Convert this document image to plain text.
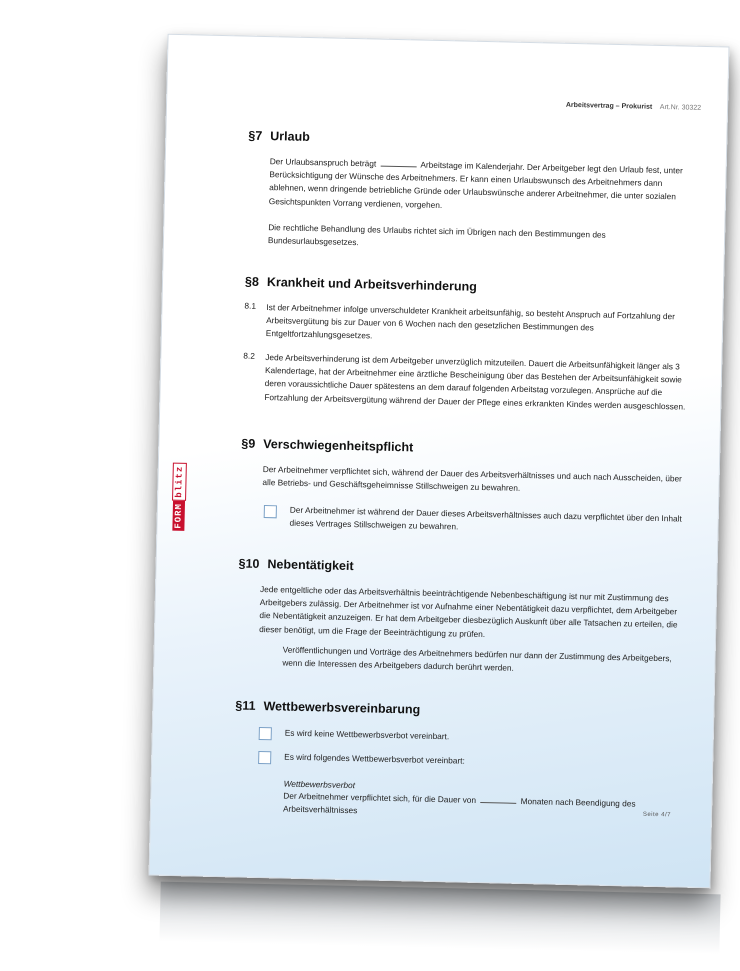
Arbeitsvertrag – Prokurist Art.Nr. 30322
FORMblitz
§7 Urlaub
Der Urlaubsanspruch beträgt	Arbeitstage im Kalenderjahr. Der Arbeitgeber legt den Urlaub fest, unter Berücksichtigung der Wünsche des Arbeitnehmers. Er kann einen Urlaubswunsch des Arbeitnehmers dann ablehnen, wenn dringende betriebliche Gründe oder Urlaubswünsche anderer Arbeitnehmer, die unter sozialen Gesichtspunkten Vorrang verdienen, vorgehen.
Die rechtliche Behandlung des Urlaubs richtet sich im Übrigen nach den Bestimmungen des Bundesurlaubsgesetzes.
§8 Krankheit und Arbeitsverhinderung
8.1 Ist der Arbeitnehmer infolge unverschuldeter Krankheit arbeitsunfähig, so besteht Anspruch auf Fortzahlung der Arbeitsvergütung bis zur Dauer von 6 Wochen nach den gesetzlichen Bestimmungen des Entgeltfortzahlungsgesetzes.
8.2 Jede Arbeitsverhinderung ist dem Arbeitgeber unverzüglich mitzuteilen. Dauert die Arbeitsunfähigkeit länger als 3 Kalendertage, hat der Arbeitnehmer eine ärztliche Bescheinigung über das Bestehen der Arbeitsunfähigkeit sowie deren voraussichtliche Dauer spätestens an dem darauf folgenden Arbeitstag vorzulegen. Ansprüche auf die Fortzahlung der Arbeitsvergütung während der Dauer der Pflege eines erkrankten Kindes werden ausgeschlossen.
§9 Verschwiegenheitspflicht
Der Arbeitnehmer verpflichtet sich, während der Dauer des Arbeitsverhältnisses und auch nach Ausscheiden, über alle Betriebs- und Geschäftsgeheimnisse Stillschweigen zu bewahren.
Der Arbeitnehmer ist während der Dauer dieses Arbeitsverhältnisses auch dazu verpflichtet über den Inhalt dieses Vertrages Stillschweigen zu bewahren.
§10 Nebentätigkeit
Jede entgeltliche oder das Arbeitsverhältnis beeinträchtigende Nebenbeschäftigung ist nur mit Zustimmung des Arbeitgebers zulässig. Der Arbeitnehmer ist vor Aufnahme einer Nebentätigkeit dazu verpflichtet, dem Arbeitgeber die Nebentätigkeit anzuzeigen. Er hat dem Arbeitgeber diesbezüglich Auskunft über alle Tatsachen zu erteilen, die dieser benötigt, um die Frage der Beeinträchtigung zu prüfen.
Veröffentlichungen und Vorträge des Arbeitnehmers bedürfen nur dann der Zustimmung des Arbeitgebers, wenn die Interessen des Arbeitgebers dadurch berührt werden.
§11 Wettbewerbsvereinbarung
Es wird keine Wettbewerbsverbot vereinbart.
Es wird folgendes Wettbewerbsverbot vereinbart:
Wettbewerbsverbot
Der Arbeitnehmer verpflichtet sich, für die Dauer von	Monaten nach Beendigung des Arbeitsverhältnisses	Seite 4/7
